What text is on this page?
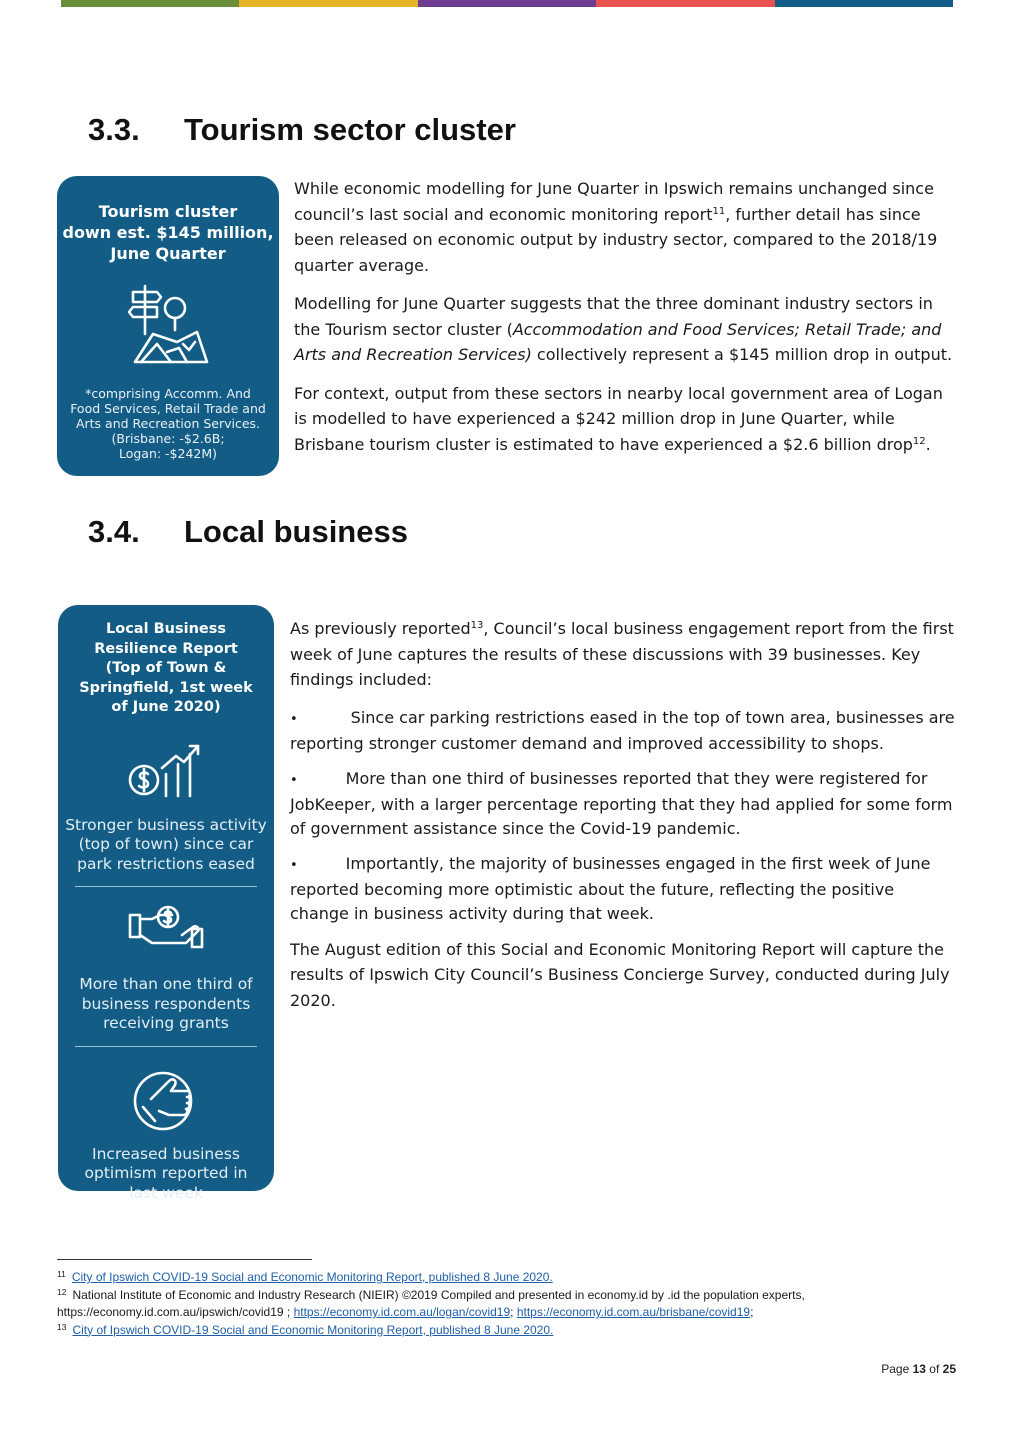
3.3. Tourism sector cluster
Tourism cluster
down est. $145 million,
June Quarter
*comprising Accomm. And
Food Services, Retail Trade and
Arts and Recreation Services.
(Brisbane: -$2.6B;
Logan: -$242M)

While economic modelling for June Quarter in Ipswich remains unchanged since council’s last social and economic monitoring report$^{11}$, further detail has since been released on economic output by industry sector, compared to the 2018/19 quarter average.

Modelling for June Quarter suggests that the three dominant industry sectors in the Tourism sector cluster (Accommodation and Food Services; Retail Trade; and Arts and Recreation Services) collectively represent a $145 million drop in output.

For context, output from these sectors in nearby local government area of Logan is modelled to have experienced a $242 million drop in June Quarter, while Brisbane tourism cluster is estimated to have experienced a $2.6 billion drop$^{12}$.

3.4. Local business
Local Business
Resilience Report
(Top of Town &
Springfield, 1st week
of June 2020)
Stronger business activity
(top of town) since car
park restrictions eased
More than one third of
business respondents
receiving grants
Increased business
optimism reported in
last week

As previously reported$^{13}$, Council’s local business engagement report from the first week of June captures the results of these discussions with 39 businesses. Key findings included:

•	Since car parking restrictions eased in the top of town area, businesses are reporting stronger customer demand and improved accessibility to shops.
•	More than one third of businesses reported that they were registered for JobKeeper, with a larger percentage reporting that they had applied for some form of government assistance since the Covid-19 pandemic.
•	Importantly, the majority of businesses engaged in the first week of June reported becoming more optimistic about the future, reflecting the positive change in business activity during that week.

The August edition of this Social and Economic Monitoring Report will capture the results of Ipswich City Council’s Business Concierge Survey, conducted during July 2020.

$^{11}$ City of Ipswich COVID-19 Social and Economic Monitoring Report, published 8 June 2020.
$^{12}$ National Institute of Economic and Industry Research (NIEIR) ©2019 Compiled and presented in economy.id by .id the population experts,
https://economy.id.com.au/ipswich/covid19 ; https://economy.id.com.au/logan/covid19; https://economy.id.com.au/brisbane/covid19;
$^{13}$ City of Ipswich COVID-19 Social and Economic Monitoring Report, published 8 June 2020.
Page 13 of 25
